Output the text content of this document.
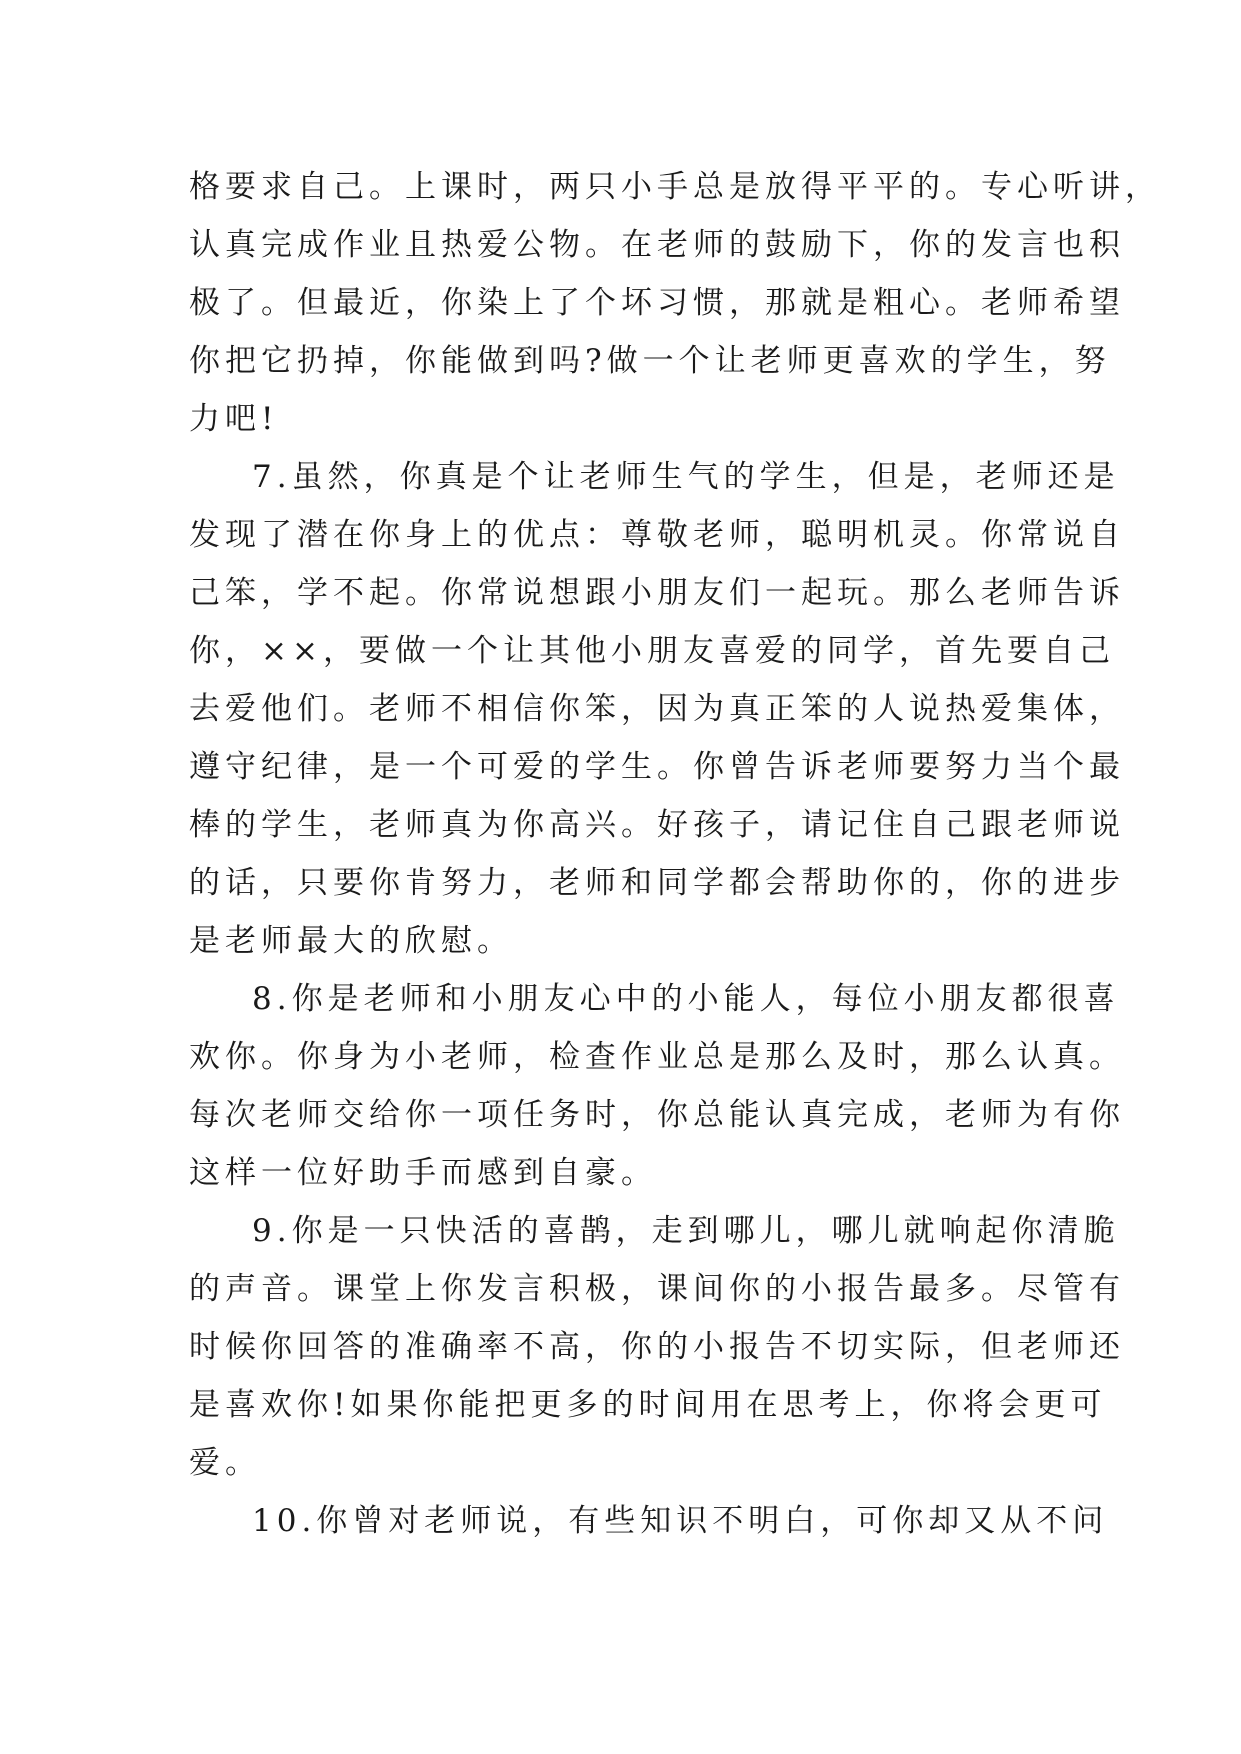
格要求自己。上课时，两只小手总是放得平平的。专心听讲，
认真完成作业且热爱公物。在老师的鼓励下，你的发言也积
极了。但最近，你染上了个坏习惯，那就是粗心。老师希望
你把它扔掉，你能做到吗?做一个让老师更喜欢的学生，努
力吧!
7.虽然，你真是个让老师生气的学生，但是，老师还是
发现了潜在你身上的优点：尊敬老师，聪明机灵。你常说自
己笨，学不起。你常说想跟小朋友们一起玩。那么老师告诉
你，××，要做一个让其他小朋友喜爱的同学，首先要自己
去爱他们。老师不相信你笨，因为真正笨的人说热爱集体，
遵守纪律，是一个可爱的学生。你曾告诉老师要努力当个最
棒的学生，老师真为你高兴。好孩子，请记住自己跟老师说
的话，只要你肯努力，老师和同学都会帮助你的，你的进步
是老师最大的欣慰。
8.你是老师和小朋友心中的小能人，每位小朋友都很喜
欢你。你身为小老师，检查作业总是那么及时，那么认真。
每次老师交给你一项任务时，你总能认真完成，老师为有你
这样一位好助手而感到自豪。
9.你是一只快活的喜鹊，走到哪儿，哪儿就响起你清脆
的声音。课堂上你发言积极，课间你的小报告最多。尽管有
时候你回答的准确率不高，你的小报告不切实际，但老师还
是喜欢你!如果你能把更多的时间用在思考上，你将会更可
爱。
10.你曾对老师说，有些知识不明白，可你却又从不问
